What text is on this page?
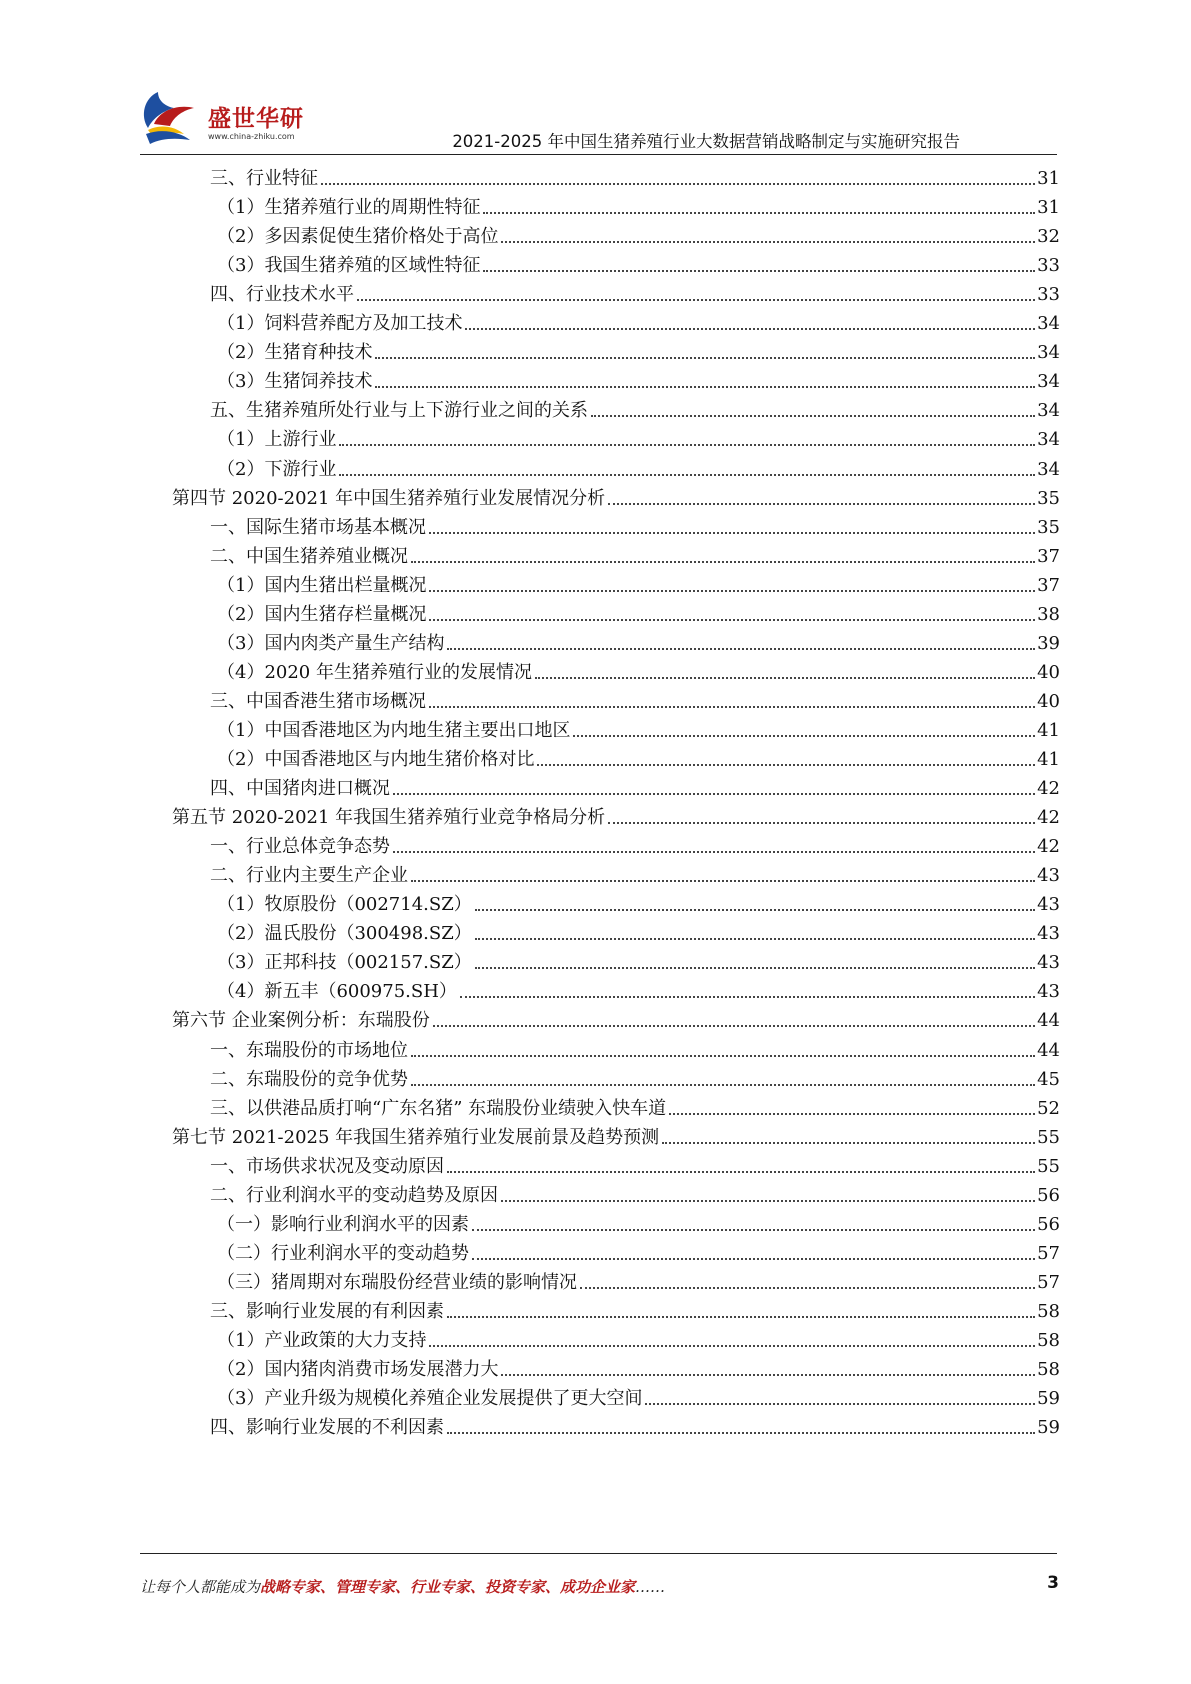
盛世华研
www.china-zhiku.com	2021-2025 年中国生猪养殖行业大数据营销战略制定与实施研究报告
三、行业特征	31
（1）生猪养殖行业的周期性特征	31
（2）多因素促使生猪价格处于高位	32
（3）我国生猪养殖的区域性特征	33
四、行业技术水平	33
（1）饲料营养配方及加工技术	34
（2）生猪育种技术	34
（3）生猪饲养技术	34
五、生猪养殖所处行业与上下游行业之间的关系	34
（1）上游行业	34
（2）下游行业	34
第四节 2020-2021 年中国生猪养殖行业发展情况分析	35
一、国际生猪市场基本概况	35
二、中国生猪养殖业概况	37
（1）国内生猪出栏量概况	37
（2）国内生猪存栏量概况	38
（3）国内肉类产量生产结构	39
（4）2020 年生猪养殖行业的发展情况	40
三、中国香港生猪市场概况	40
（1）中国香港地区为内地生猪主要出口地区	41
（2）中国香港地区与内地生猪价格对比	41
四、中国猪肉进口概况	42
第五节 2020-2021 年我国生猪养殖行业竞争格局分析	42
一、行业总体竞争态势	42
二、行业内主要生产企业	43
（1）牧原股份（002714.SZ）	43
（2）温氏股份（300498.SZ）	43
（3）正邦科技（002157.SZ）	43
（4）新五丰（600975.SH）	43
第六节 企业案例分析：东瑞股份	44
一、东瑞股份的市场地位	44
二、东瑞股份的竞争优势	45
三、以供港品质打响“广东名猪” 东瑞股份业绩驶入快车道	52
第七节 2021-2025 年我国生猪养殖行业发展前景及趋势预测	55
一、市场供求状况及变动原因	55
二、行业利润水平的变动趋势及原因	56
（一）影响行业利润水平的因素	56
（二）行业利润水平的变动趋势	57
（三）猪周期对东瑞股份经营业绩的影响情况	57
三、影响行业发展的有利因素	58
（1）产业政策的大力支持	58
（2）国内猪肉消费市场发展潜力大	58
（3）产业升级为规模化养殖企业发展提供了更大空间	59
四、影响行业发展的不利因素	59
让每个人都能成为战略专家、管理专家、行业专家、投资专家、成功企业家……	3
